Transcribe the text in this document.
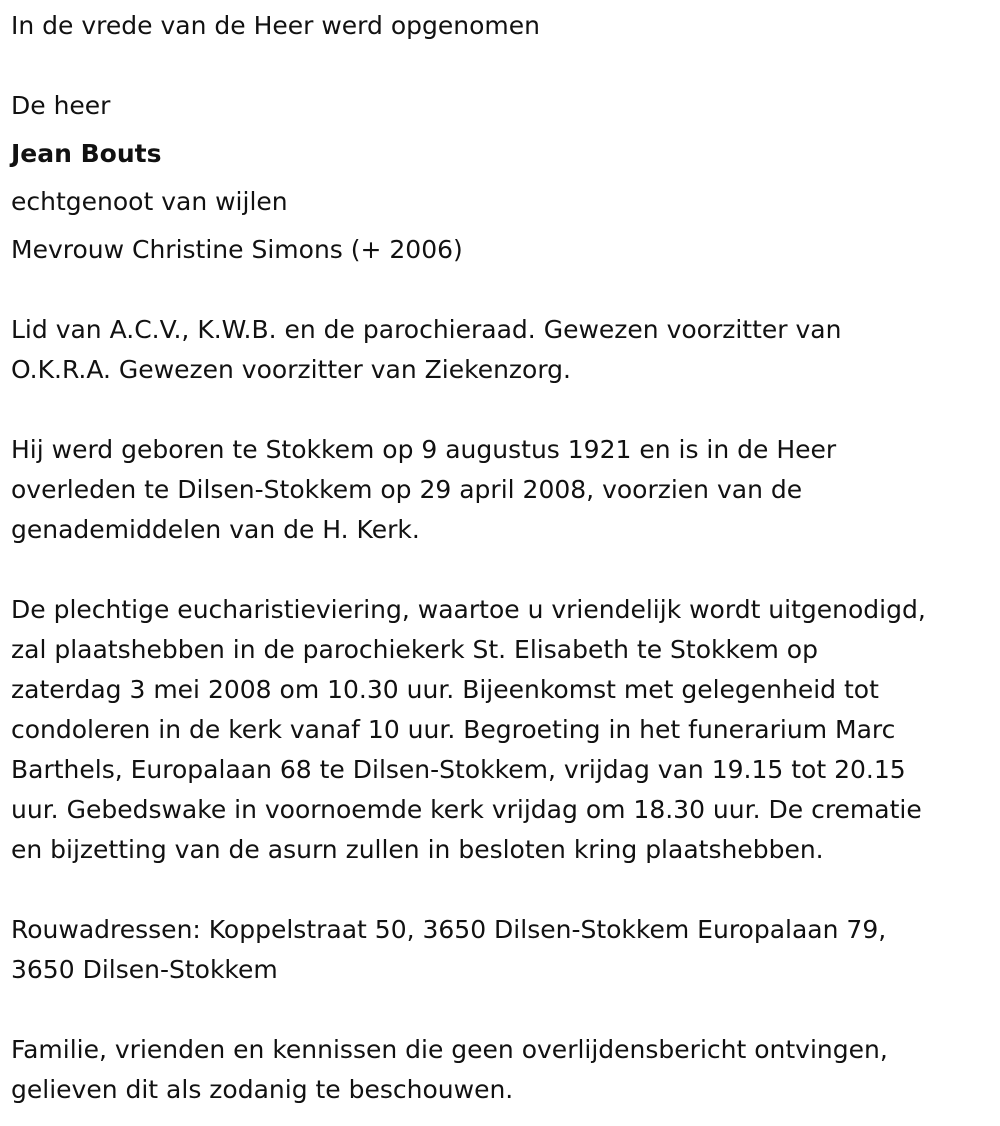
In de vrede van de Heer werd opgenomen
De heer
Jean Bouts
echtgenoot van wijlen
Mevrouw Christine Simons (+ 2006)
Lid van A.C.V., K.W.B. en de parochieraad. Gewezen voorzitter van
O.K.R.A. Gewezen voorzitter van Ziekenzorg.
Hij werd geboren te Stokkem op 9 augustus 1921 en is in de Heer
overleden te Dilsen-Stokkem op 29 april 2008, voorzien van de
genademiddelen van de H. Kerk.
De plechtige eucharistieviering, waartoe u vriendelijk wordt uitgenodigd,
zal plaatshebben in de parochiekerk St. Elisabeth te Stokkem op
zaterdag 3 mei 2008 om 10.30 uur. Bijeenkomst met gelegenheid tot
condoleren in de kerk vanaf 10 uur. Begroeting in het funerarium Marc
Barthels, Europalaan 68 te Dilsen-Stokkem, vrijdag van 19.15 tot 20.15
uur. Gebedswake in voornoemde kerk vrijdag om 18.30 uur. De crematie
en bijzetting van de asurn zullen in besloten kring plaatshebben.
Rouwadressen: Koppelstraat 50, 3650 Dilsen-Stokkem Europalaan 79,
3650 Dilsen-Stokkem
Familie, vrienden en kennissen die geen overlijdensbericht ontvingen,
gelieven dit als zodanig te beschouwen.
